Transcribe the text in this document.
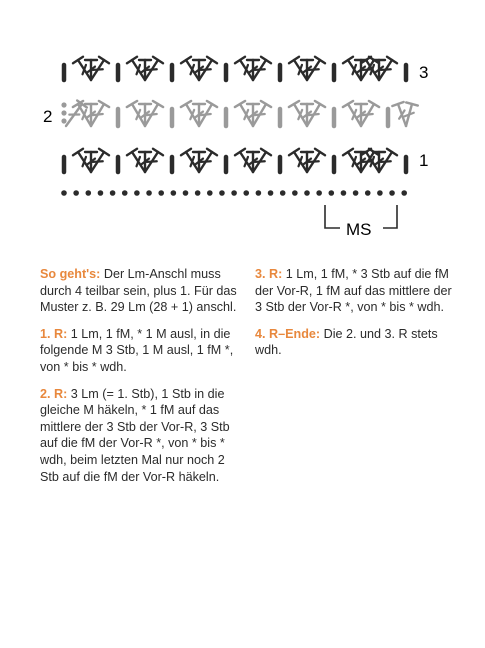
3
2
1
MS

So geht's: Der Lm-Anschl muss durch 4 teilbar sein, plus 1. Für das Muster z. B. 29 Lm (28 + 1) anschl.

1. R: 1 Lm, 1 fM, * 1 M ausl, in die folgende M 3 Stb, 1 M ausl, 1 fM *, von * bis * wdh.

2. R: 3 Lm (= 1. Stb), 1 Stb in die gleiche M häkeln, * 1 fM auf das mittlere der 3 Stb der Vor-R, 3 Stb auf die fM der Vor-R *, von * bis * wdh, beim letzten Mal nur noch 2 Stb auf die fM der Vor-R häkeln.

3. R: 1 Lm, 1 fM, * 3 Stb auf die fM der Vor-R, 1 fM auf das mittlere der 3 Stb der Vor-R *, von * bis * wdh.

4. R–Ende: Die 2. und 3. R stets wdh.
